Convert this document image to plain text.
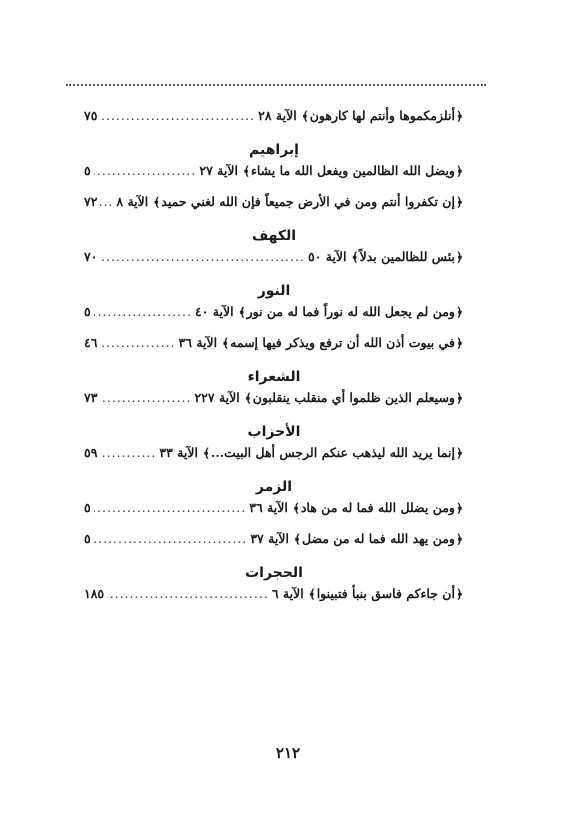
﴿
أنلزمكموها وأنتم لها كارهون
﴾
الآية ٢٨
.....
٧٥
إبراهيم
﴿
ويضل الله الظالمين ويفعل الله ما يشاء
﴾
الآية ٢٧
.....
٥
﴿
إن تكفروا أنتم ومن في الأرض جميعاً فإن الله لغني حميد
﴾
الآية ٨
.....
٧٢
الكهف
﴿
بئس للظالمين بدلاً
﴾
الآية ٥٠
.....
٧٠
النور
﴿
ومن لم يجعل الله له نوراً فما له من نور
﴾
الآية ٤٠
.....
٥
﴿
في بيوت أذن الله أن ترفع ويذكر فيها إسمه
﴾
الآية ٣٦
.....
٤٦
الشعراء
﴿
وسيعلم الذين ظلموا أي منقلب ينقلبون
﴾
الآية ٢٢٧
.....
٧٣
الأحزاب
﴿
إنما يريد الله ليذهب عنكم الرجس أهل البيت...
﴾
الآية ٣٣
.....
٥٩
الزمر
﴿
ومن يضلل الله فما له من هاد
﴾
الآية ٣٦
.....
٥
﴿
ومن يهد الله فما له من مضل
﴾
الآية ٣٧
.....
٥
الحجرات
﴿
أن جاءكم فاسق بنبأ فتبينوا
﴾
الآية ٦
.....
١٨٥
٢١٢
